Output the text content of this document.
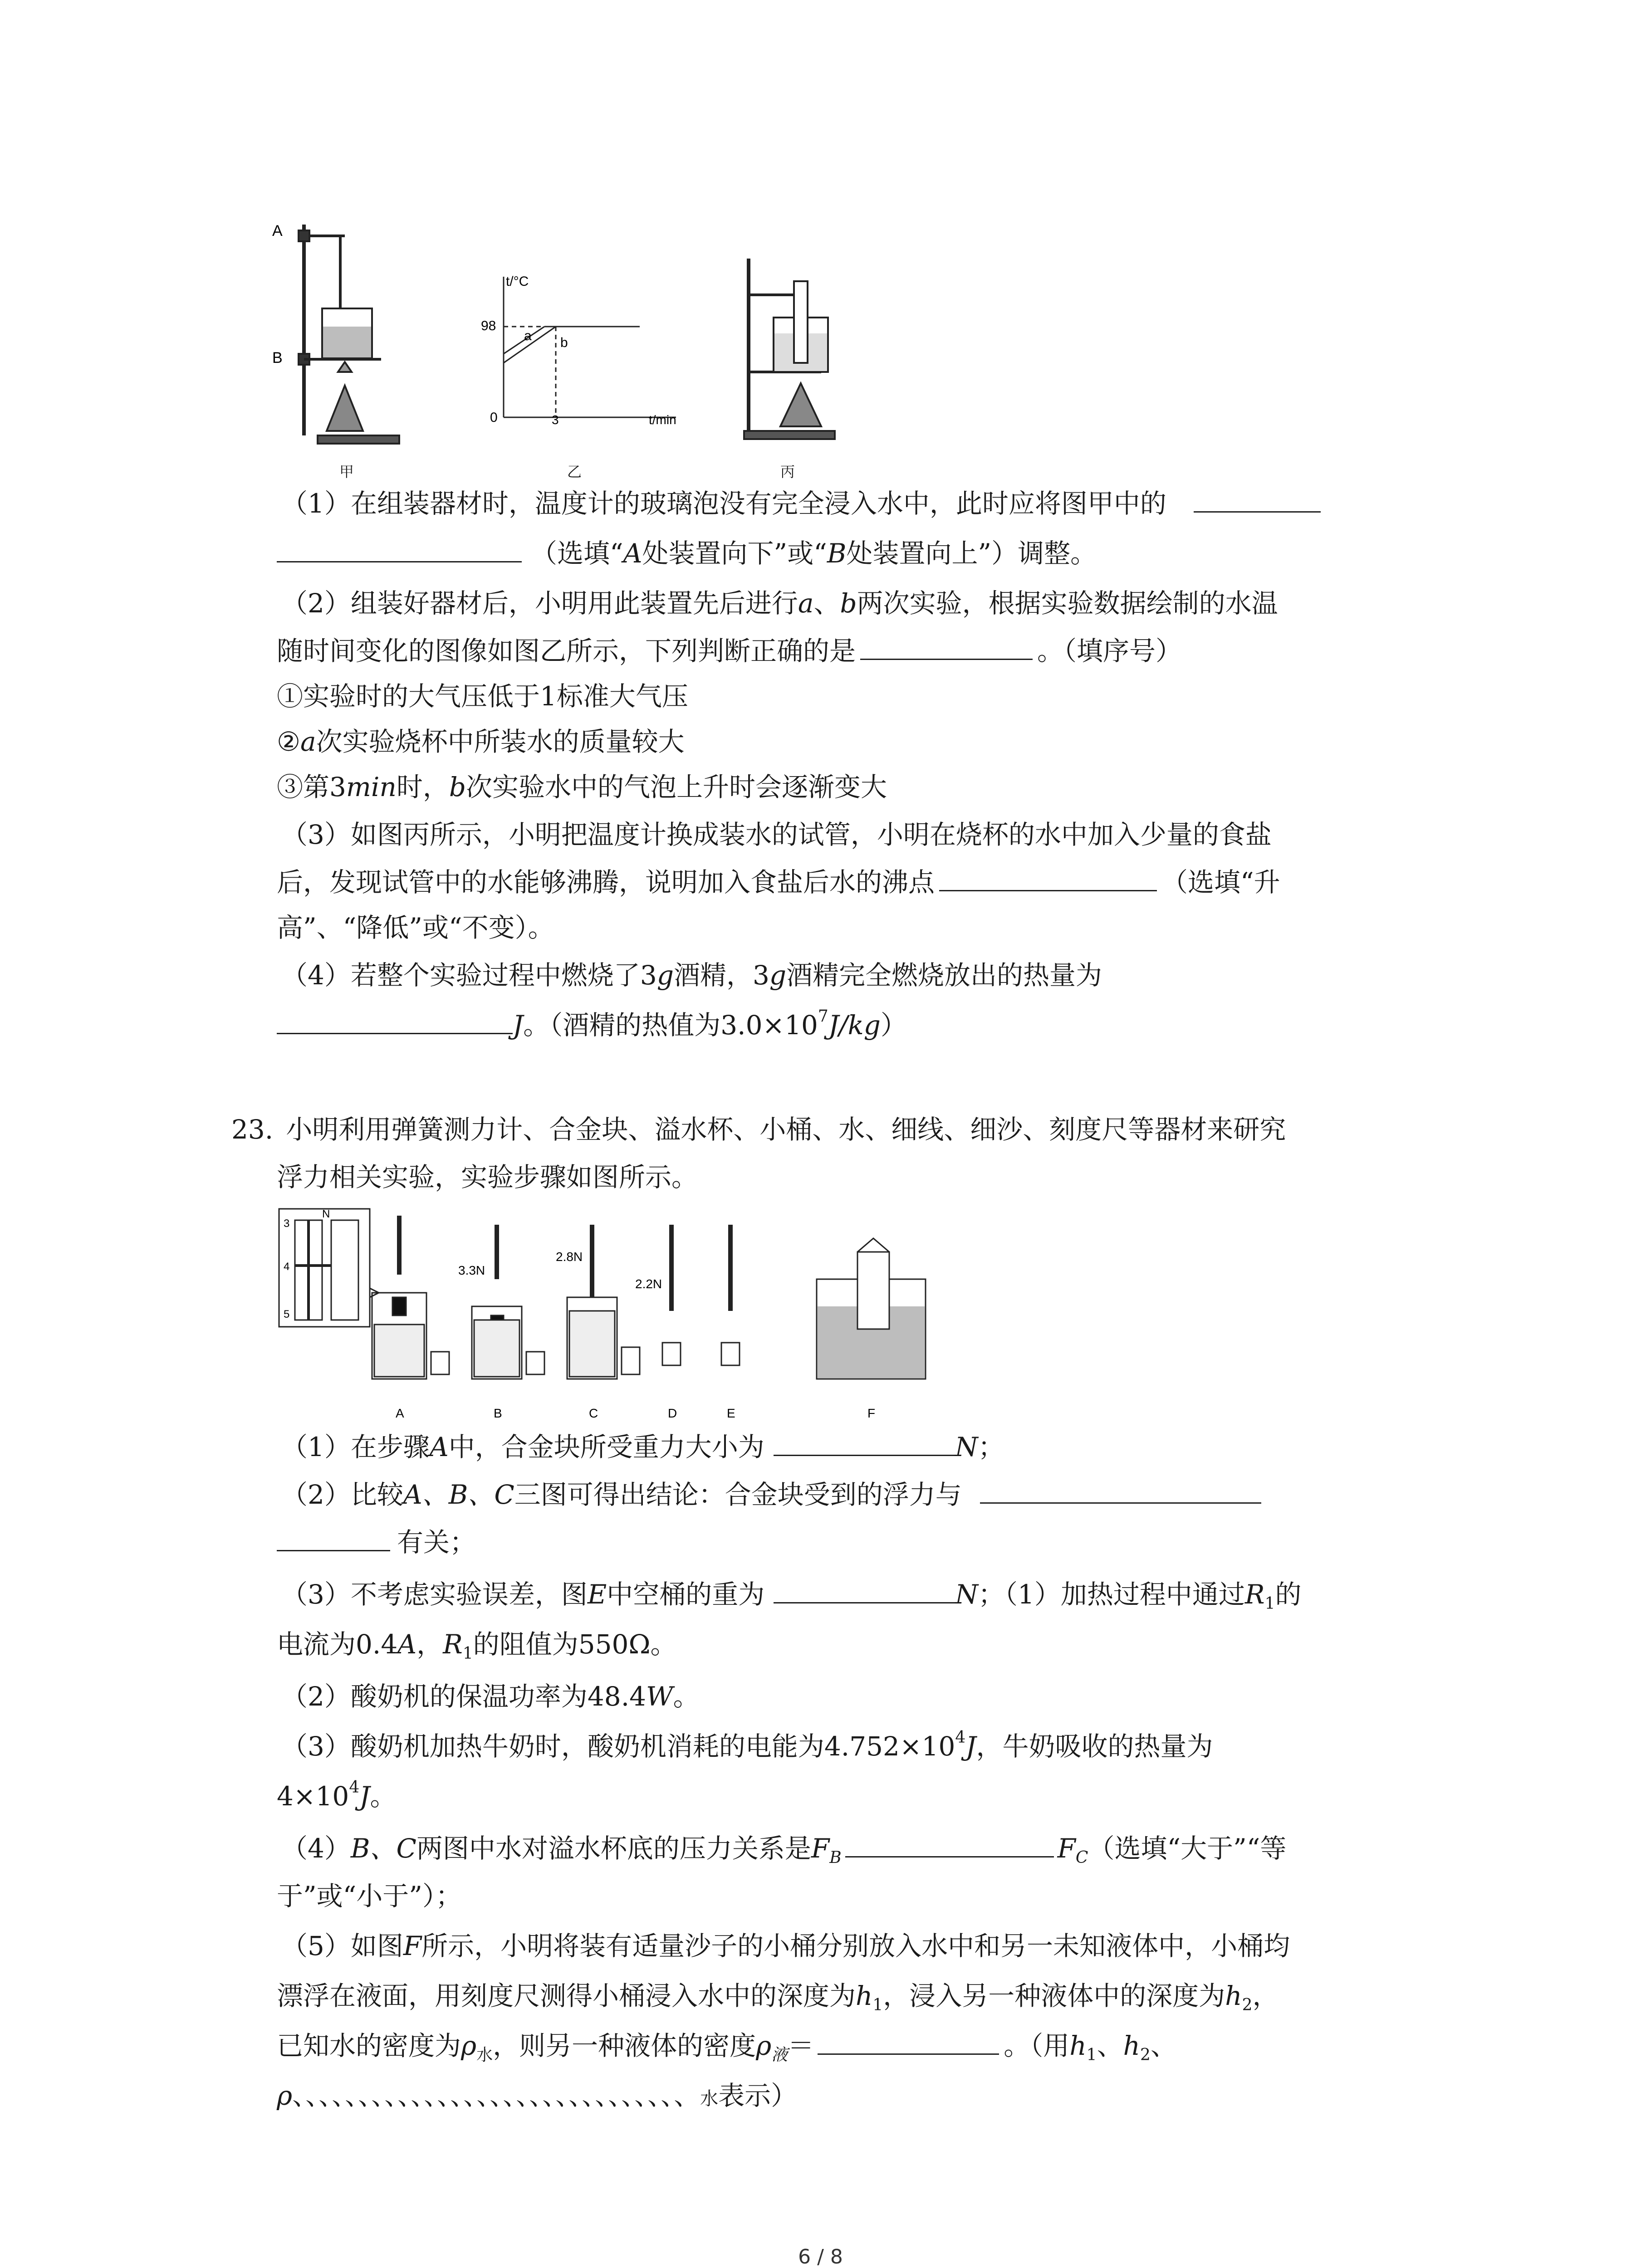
A
B
甲
t/°C
t/min
98
3
0
a b
乙	丙
（1）在组装器材时，温度计的玻璃泡没有完全浸入水中，此时应将图甲中的
（选填“A处装置向下”或“B处装置向上”）调整。
（2）组装好器材后，小明用此装置先后进行a、b两次实验，根据实验数据绘制的水温
随时间变化的图像如图乙所示，下列判断正确的是	。（填序号）
①实验时的大气压低于1标准大气压
②a次实验烧杯中所装水的质量较大
③第3min时，b次实验水中的气泡上升时会逐渐变大
（3）如图丙所示，小明把温度计换成装水的试管，小明在烧杯的水中加入少量的食盐
后，发现试管中的水能够沸腾，说明加入食盐后水的沸点	（选填“升
高”、“降低”或“不变）。
（4）若整个实验过程中燃烧了3g酒精，3g酒精完全燃烧放出的热量为
J。（酒精的热值为$3.0\times 10^7J/kg$）
23. 小明利用弹簧测力计、合金块、溢水杯、小桶、水、细线、细沙、刻度尺等器材来研究
浮力相关实验，实验步骤如图所示。
N
3
4
5
3.3N
2.8N
2.2N
A	B	C	D	E	F
（1）在步骤A中，合金块所受重力大小为	N；
（2）比较A、B、C三图可得出结论：合金块受到的浮力与
有关；
（3）不考虑实验误差，图E中空桶的重为	N；（1）加热过程中通过$R_1$的
电流为0.4A，$R_1$的阻值为550Ω。
（2）酸奶机的保温功率为48.4W。
（3）酸奶机加热牛奶时，酸奶机消耗的电能为$4.752\times 10^4J$，牛奶吸收的热量为
$4\times 10^4J$。
（4）B、C两图中水对溢水杯底的压力关系是$F_B$	$F_C$（选填“大于”“等
于”或“小于”）；
（5）如图F所示，小明将装有适量沙子的小桶分别放入水中和另一未知液体中，小桶均
漂浮在液面，用刻度尺测得小桶浸入水中的深度为$h_1$，浸入另一种液体中的深度为$h_2$，
已知水的密度为$\rho_水$，则另一种液体的密度$\rho_液=$	。（用$h_1$、$h_2$、
ρ、、、、、、、、、、、、、、、、、、、、、、、、、、、、、、水表示）
6 / 8
